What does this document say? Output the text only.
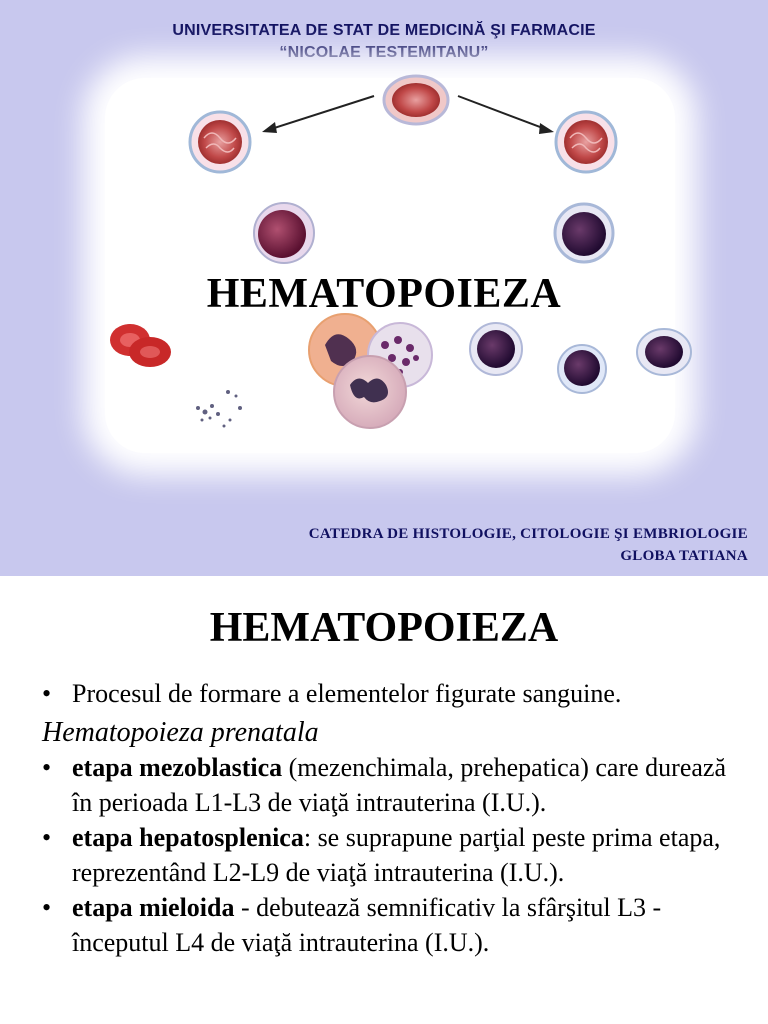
UNIVERSITATEA DE STAT DE MEDICINĂ ŞI FARMACIE
“NICOLAE TESTEMITANU”
HEMATOPOIEZA
CATEDRA DE HISTOLOGIE, CITOLOGIE ŞI EMBRIOLOGIE
GLOBA TATIANA
HEMATOPOIEZA
• Procesul de formare a elementelor figurate sanguine.
Hematopoieza prenatala
• etapa mezoblastica (mezenchimala, prehepatica) care durează în perioada L1-L3 de viaţă intrauterina (I.U.).
• etapa hepatosplenica: se suprapune parţial peste prima etapa, reprezentând L2-L9 de viaţă intrauterina (I.U.).
• etapa mieloida - debutează semnificativ la sfârşitul L3 - începutul L4 de viaţă intrauterina (I.U.).
